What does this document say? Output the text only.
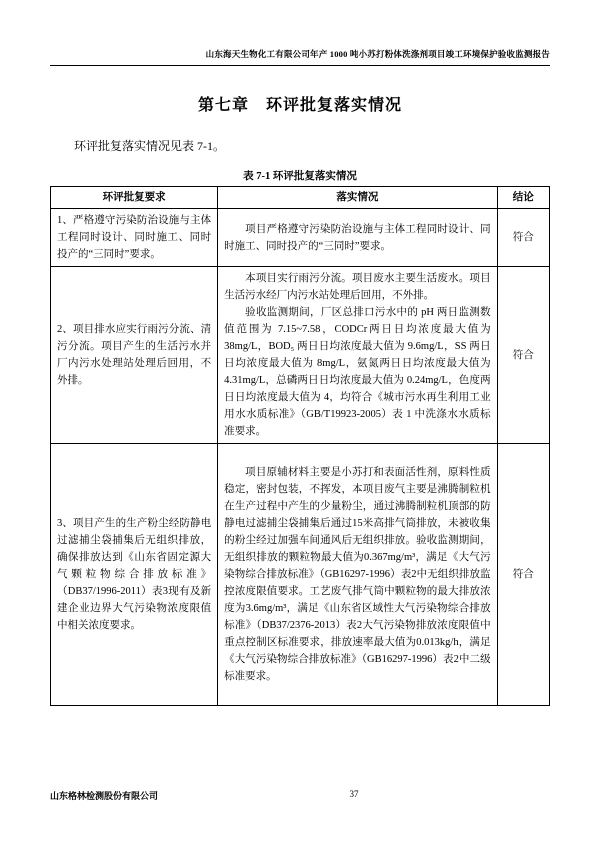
山东海天生物化工有限公司年产 1000 吨小苏打粉体洗涤剂项目竣工环境保护验收监测报告
第七章　环评批复落实情况

环评批复落实情况见表 7-1。

表 7-1 环评批复落实情况
环评批复要求	落实情况	结论

1、严格遵守污染防治设施与主体工程同时设计、同时施工、同时投产的“三同时”要求。	项目严格遵守污染防治设施与主体工程同时设计、同时施工、同时投产的“三同时”要求。	符合

2、项目排水应实行雨污分流、清污分流。项目产生的生活污水并厂内污水处理站处理后回用，不外排。	本项目实行雨污分流。项目废水主要生活废水。项目生活污水经厂内污水站处理后回用，不外排。

验收监测期间，厂区总排口污水中的 pH 两日监测数值范围为 7.15~7.58，CODCr两日日均浓度最大值为 38mg/L，BOD₅ 两日日均浓度最大值为 9.6mg/L，SS 两日日均浓度最大值为 8mg/L，氨氮两日日均浓度最大值为 4.31mg/L，总磷两日日均浓度最大值为 0.24mg/L，色度两日日均浓度最大值为 4，均符合《城市污水再生利用工业用水水质标准》（GB/T19923-2005）表 1 中洗涤水水质标准要求。	符合

3、项目产生的生产粉尘经防静电过滤捕尘袋捕集后无组织排放，确保排放达到《山东省固定源大气颗粒物综合排放标准》（DB37/1996-2011）表3现有及新建企业边界大气污染物浓度限值中相关浓度要求。	项目原辅材料主要是小苏打和表面活性剂，原料性质稳定，密封包装，不挥发，本项目废气主要是沸腾制粒机在生产过程中产生的少量粉尘，通过沸腾制粒机顶部的防静电过滤捕尘袋捕集后通过15米高排气筒排放，未被收集的粉尘经过加强车间通风后无组织排放。验收监测期间，无组织排放的颗粒物最大值为0.367mg/m³，满足《大气污染物综合排放标准》（GB16297-1996）表2中无组织排放监控浓度限值要求。工艺废气排气筒中颗粒物的最大排放浓度为3.6mg/m³，满足《山东省区域性大气污染物综合排放标准》（DB37/2376-2013）表2大气污染物排放浓度限值中重点控制区标准要求，排放速率最大值为0.013kg/h，满足《大气污染物综合排放标准》（GB16297-1996）表2中二级标准要求。	符合
山东格林检测股份有限公司	37
